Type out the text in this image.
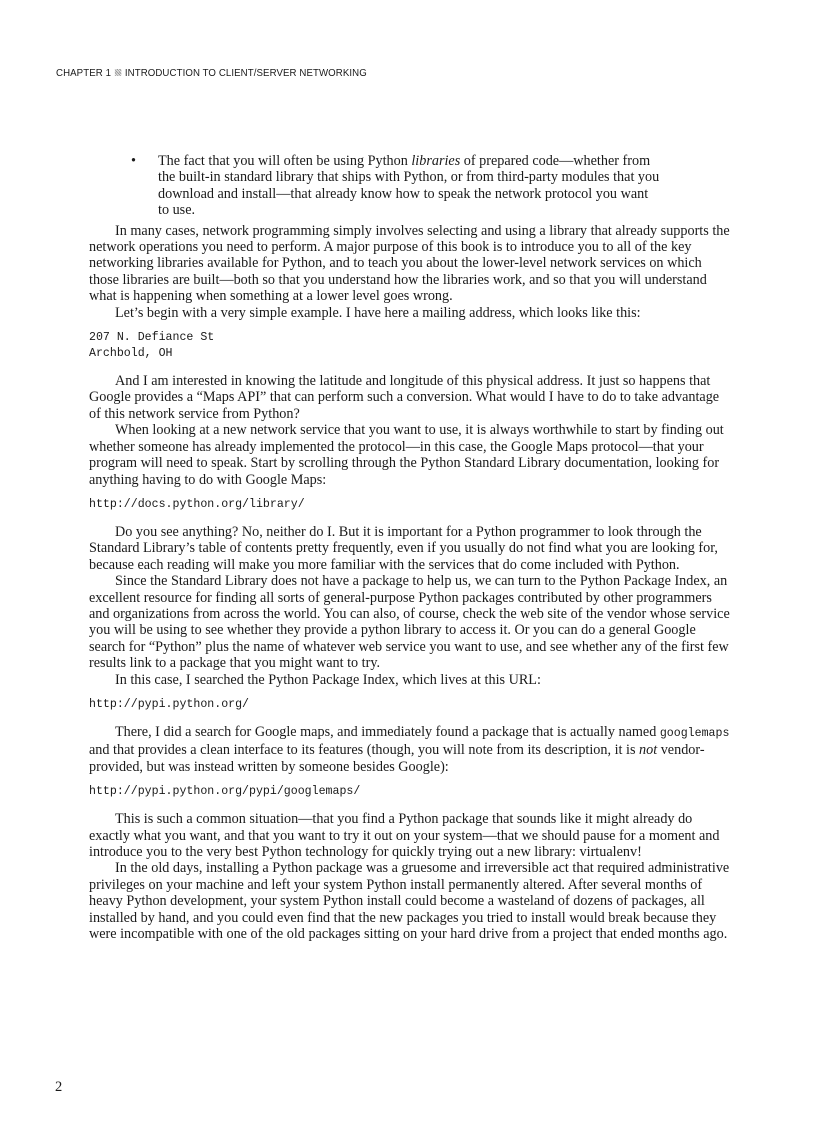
CHAPTER 1 INTRODUCTION TO CLIENT/SERVER NETWORKING
• The fact that you will often be using Python libraries of prepared code—whether from the built-in standard library that ships with Python, or from third-party modules that you download and install—that already know how to speak the network protocol you want to use.

In many cases, network programming simply involves selecting and using a library that already supports the network operations you need to perform. A major purpose of this book is to introduce you to all of the key networking libraries available for Python, and to teach you about the lower-level network services on which those libraries are built—both so that you understand how the libraries work, and so that you will understand what is happening when something at a lower level goes wrong.

Let’s begin with a very simple example. I have here a mailing address, which looks like this:

207 N. Defiance St
Archbold, OH

And I am interested in knowing the latitude and longitude of this physical address. It just so happens that Google provides a “Maps API” that can perform such a conversion. What would I have to do to take advantage of this network service from Python?

When looking at a new network service that you want to use, it is always worthwhile to start by finding out whether someone has already implemented the protocol—in this case, the Google Maps protocol—that your program will need to speak. Start by scrolling through the Python Standard Library documentation, looking for anything having to do with Google Maps:

http://docs.python.org/library/

Do you see anything? No, neither do I. But it is important for a Python programmer to look through the Standard Library’s table of contents pretty frequently, even if you usually do not find what you are looking for, because each reading will make you more familiar with the services that do come included with Python.

Since the Standard Library does not have a package to help us, we can turn to the Python Package Index, an excellent resource for finding all sorts of general-purpose Python packages contributed by other programmers and organizations from across the world. You can also, of course, check the web site of the vendor whose service you will be using to see whether they provide a python library to access it. Or you can do a general Google search for “Python” plus the name of whatever web service you want to use, and see whether any of the first few results link to a package that you might want to try.

In this case, I searched the Python Package Index, which lives at this URL:

http://pypi.python.org/

There, I did a search for Google maps, and immediately found a package that is actually named googlemaps and that provides a clean interface to its features (though, you will note from its description, it is not vendor-provided, but was instead written by someone besides Google):

http://pypi.python.org/pypi/googlemaps/

This is such a common situation—that you find a Python package that sounds like it might already do exactly what you want, and that you want to try it out on your system—that we should pause for a moment and introduce you to the very best Python technology for quickly trying out a new library: virtualenv!

In the old days, installing a Python package was a gruesome and irreversible act that required administrative privileges on your machine and left your system Python install permanently altered. After several months of heavy Python development, your system Python install could become a wasteland of dozens of packages, all installed by hand, and you could even find that the new packages you tried to install would break because they were incompatible with one of the old packages sitting on your hard drive from a project that ended months ago.

2
